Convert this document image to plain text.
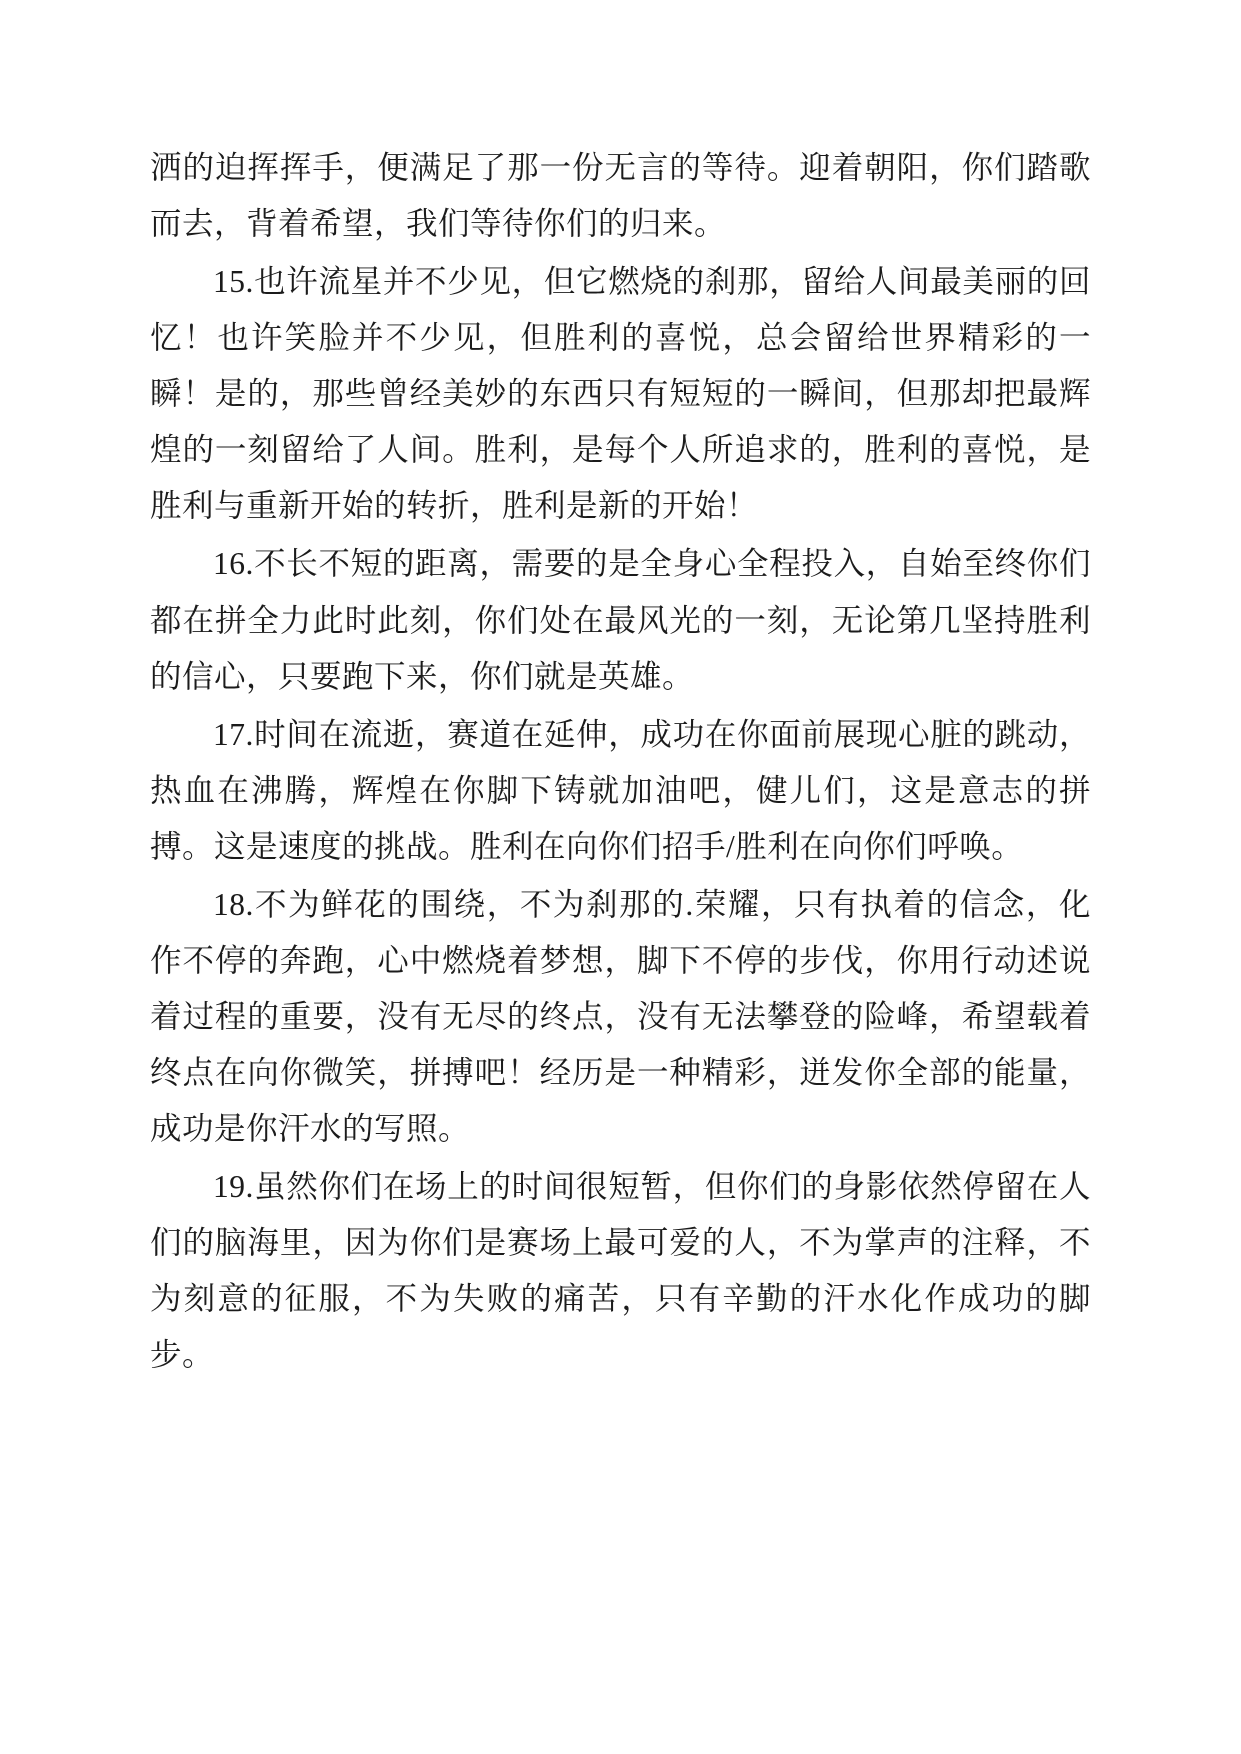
洒的迫挥挥手，便满足了那一份无言的等待。迎着朝阳，你们踏歌而去，背着希望，我们等待你们的归来。

15.也许流星并不少见，但它燃烧的刹那，留给人间最美丽的回忆！也许笑脸并不少见，但胜利的喜悦，总会留给世界精彩的一瞬！是的，那些曾经美妙的东西只有短短的一瞬间，但那却把最辉煌的一刻留给了人间。胜利，是每个人所追求的，胜利的喜悦，是胜利与重新开始的转折，胜利是新的开始！

16.不长不短的距离，需要的是全身心全程投入，自始至终你们都在拼全力此时此刻，你们处在最风光的一刻，无论第几坚持胜利的信心，只要跑下来，你们就是英雄。

17.时间在流逝，赛道在延伸，成功在你面前展现心脏的跳动，热血在沸腾，辉煌在你脚下铸就加油吧，健儿们，这是意志的拼搏。这是速度的挑战。胜利在向你们招手/胜利在向你们呼唤。

18.不为鲜花的围绕，不为刹那的.荣耀，只有执着的信念，化作不停的奔跑，心中燃烧着梦想，脚下不停的步伐，你用行动述说着过程的重要，没有无尽的终点，没有无法攀登的险峰，希望载着终点在向你微笑，拼搏吧！经历是一种精彩，迸发你全部的能量，成功是你汗水的写照。

19.虽然你们在场上的时间很短暂，但你们的身影依然停留在人们的脑海里，因为你们是赛场上最可爱的人，不为掌声的注释，不为刻意的征服，不为失败的痛苦，只有辛勤的汗水化作成功的脚步。
